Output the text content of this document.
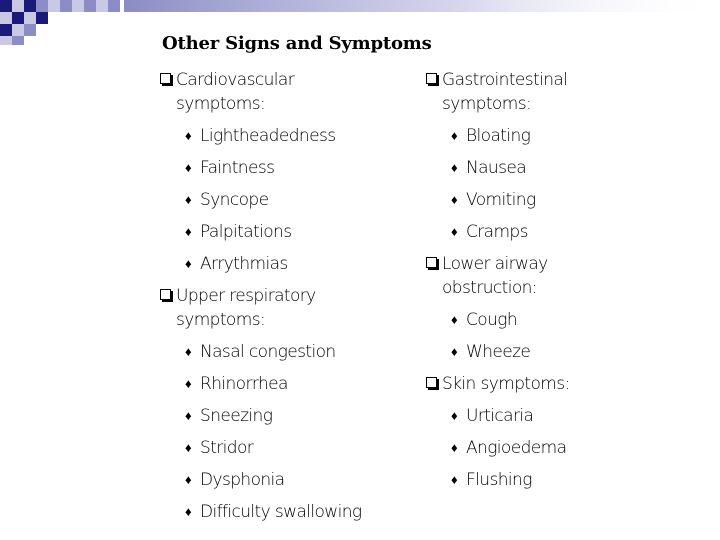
Other Signs and Symptoms
Cardiovascular symptoms:
♦ Lightheadedness
♦ Faintness
♦ Syncope
♦ Palpitations
♦ Arrythmias
Upper respiratory symptoms:
♦ Nasal congestion
♦ Rhinorrhea
♦ Sneezing
♦ Stridor
♦ Dysphonia
♦ Difficulty swallowing
Gastrointestinal symptoms:
♦ Bloating
♦ Nausea
♦ Vomiting
♦ Cramps
Lower airway obstruction:
♦ Cough
♦ Wheeze
Skin symptoms:
♦ Urticaria
♦ Angioedema
♦ Flushing
